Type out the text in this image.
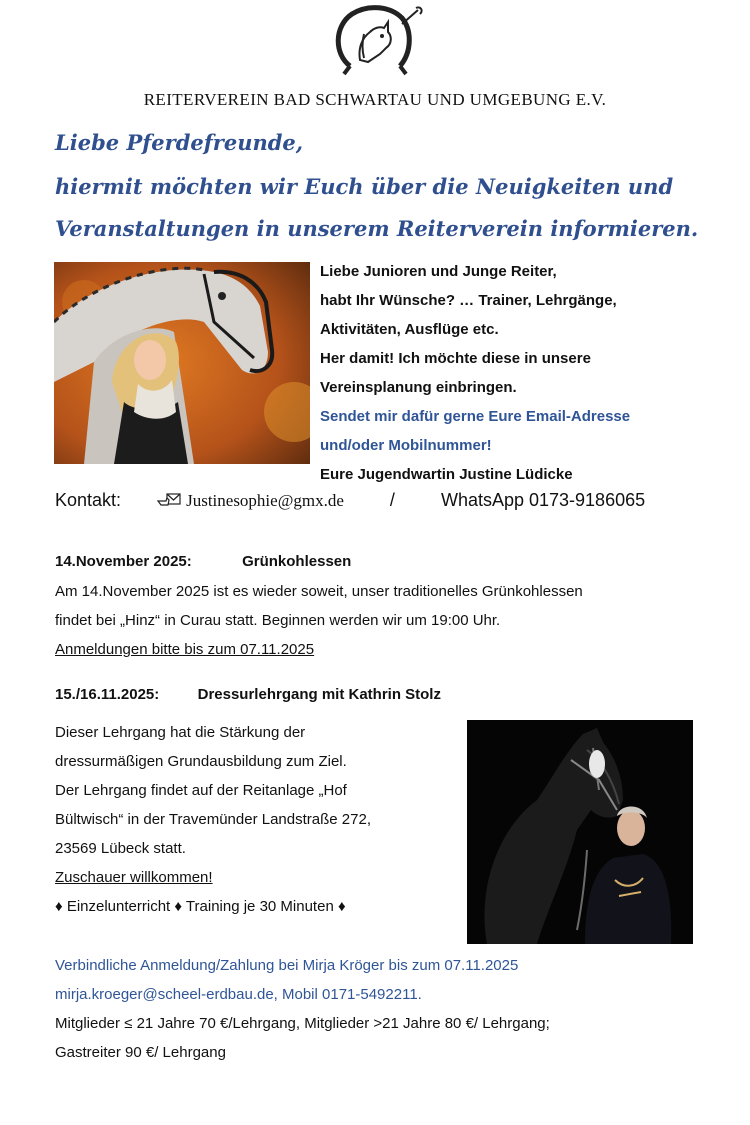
REITERVEREIN BAD SCHWARTAU UND UMGEBUNG E.V.
Liebe Pferdefreunde,
hiermit möchten wir Euch über die Neuigkeiten und
Veranstaltungen in unserem Reiterverein informieren.
Liebe Junioren und Junge Reiter,
habt Ihr Wünsche? … Trainer, Lehrgänge,
Aktivitäten, Ausflüge etc.
Her damit! Ich möchte diese in unsere
Vereinsplanung einbringen.
Sendet mir dafür gerne Eure Email-Adresse
und/oder Mobilnummer!
Eure Jugendwartin Justine Lüdicke
Kontakt:	Justinesophie@gmx.de	/	WhatsApp 0173-9186065
14.November 2025:	Grünkohlessen
Am 14.November 2025 ist es wieder soweit, unser traditionelles Grünkohlessen
findet bei „Hinz“ in Curau statt. Beginnen werden wir um 19:00 Uhr.
Anmeldungen bitte bis zum 07.11.2025
15./16.11.2025:	Dressurlehrgang mit Kathrin Stolz
Dieser Lehrgang hat die Stärkung der
dressurmäßigen Grundausbildung zum Ziel.
Der Lehrgang findet auf der Reitanlage „Hof
Bültwisch“ in der Travemünder Landstraße 272,
23569 Lübeck statt.
Zuschauer willkommen!
♦ Einzelunterricht ♦ Training je 30 Minuten ♦
Verbindliche Anmeldung/Zahlung bei Mirja Kröger bis zum 07.11.2025
mirja.kroeger@scheel-erdbau.de, Mobil 0171-5492211.
Mitglieder ≤ 21 Jahre 70 €/Lehrgang, Mitglieder >21 Jahre 80 €/ Lehrgang;
Gastreiter 90 €/ Lehrgang
